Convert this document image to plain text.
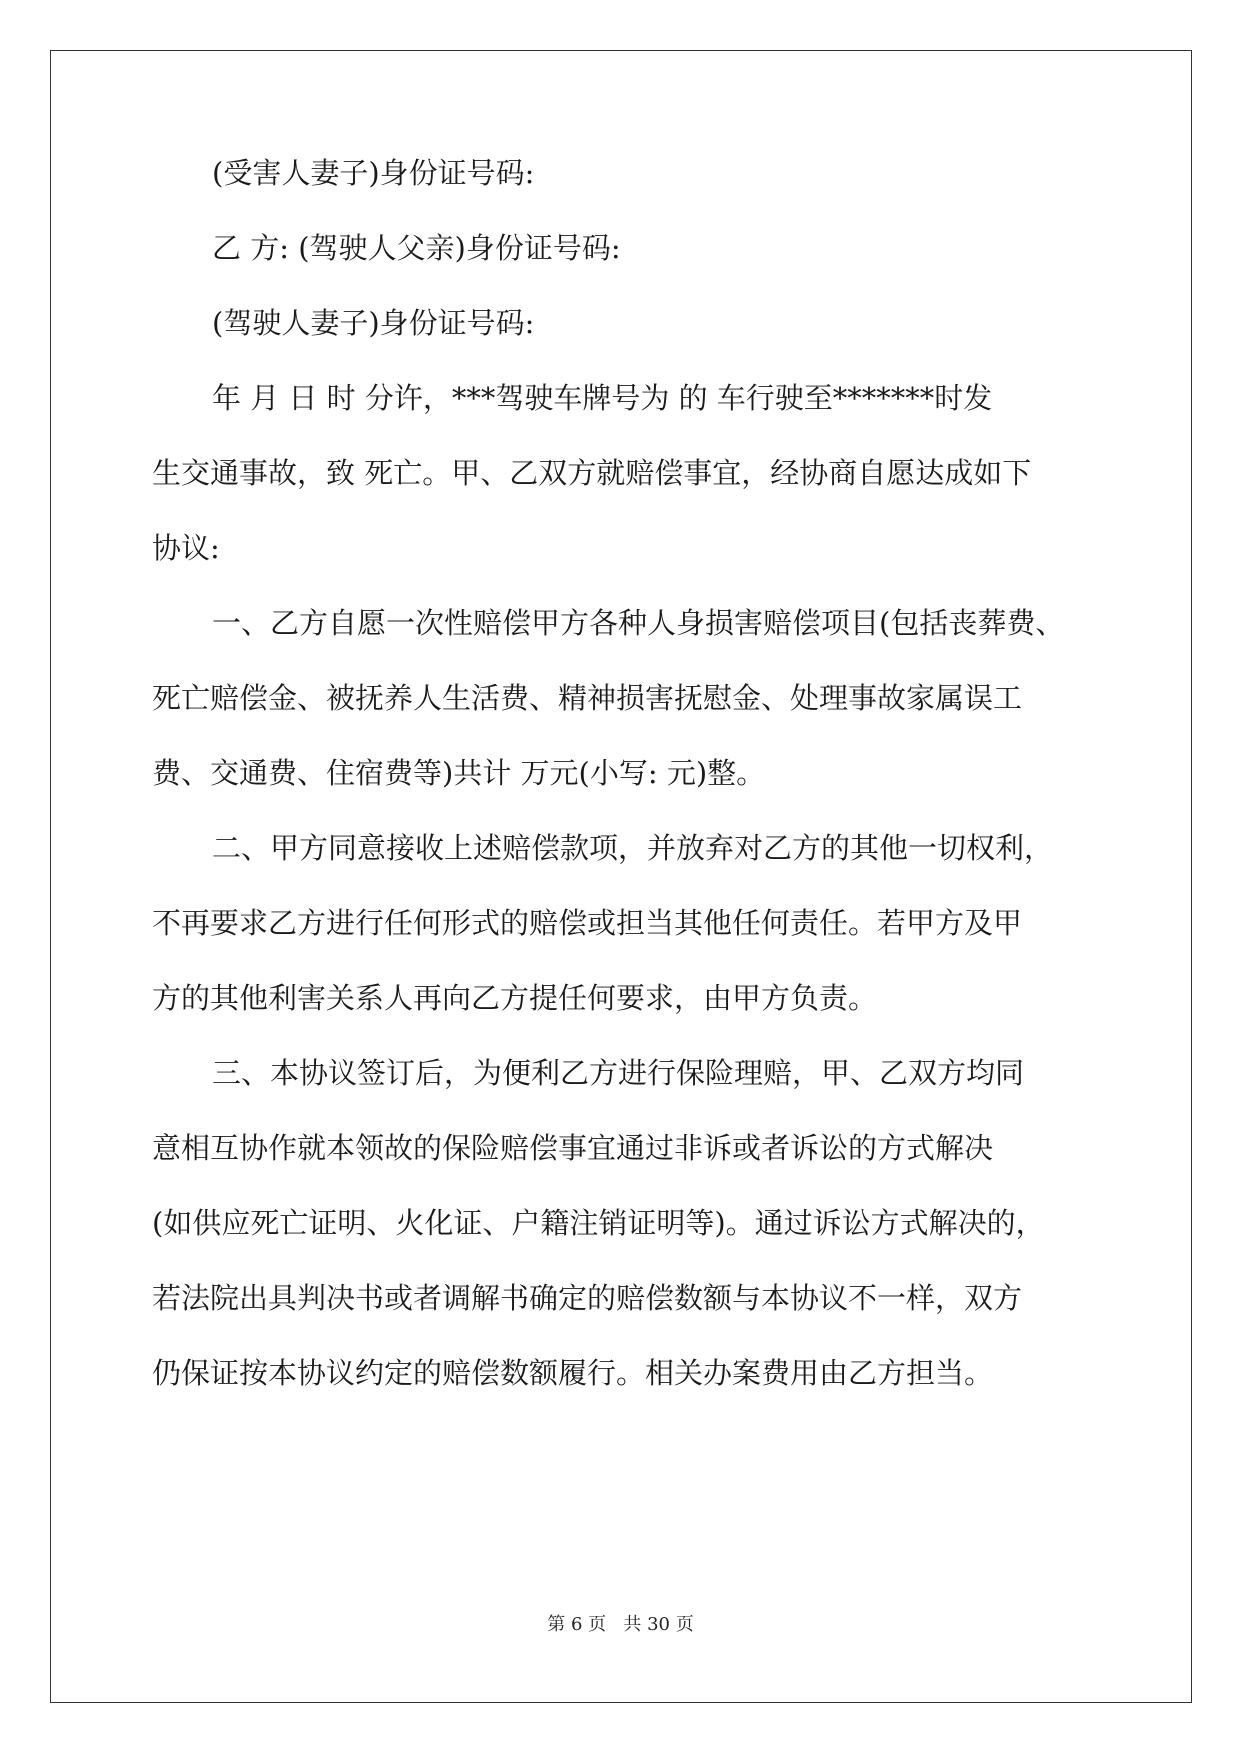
(受害人妻子)身份证号码:
乙 方: (驾驶人父亲)身份证号码:
(驾驶人妻子)身份证号码:
年 月 日 时 分许，***驾驶车牌号为 的 车行驶至*******时发
生交通事故，致 死亡。甲、乙双方就赔偿事宜，经协商自愿达成如下
协议:
一、乙方自愿一次性赔偿甲方各种人身损害赔偿项目(包括丧葬费、
死亡赔偿金、被抚养人生活费、精神损害抚慰金、处理事故家属误工
费、交通费、住宿费等)共计 万元(小写: 元)整。
二、甲方同意接收上述赔偿款项，并放弃对乙方的其他一切权利，
不再要求乙方进行任何形式的赔偿或担当其他任何责任。若甲方及甲
方的其他利害关系人再向乙方提任何要求，由甲方负责。
三、本协议签订后，为便利乙方进行保险理赔，甲、乙双方均同
意相互协作就本领故的保险赔偿事宜通过非诉或者诉讼的方式解决
(如供应死亡证明、火化证、户籍注销证明等)。通过诉讼方式解决的，
若法院出具判决书或者调解书确定的赔偿数额与本协议不一样，双方
仍保证按本协议约定的赔偿数额履行。相关办案费用由乙方担当。
第 6 页   共 30 页
